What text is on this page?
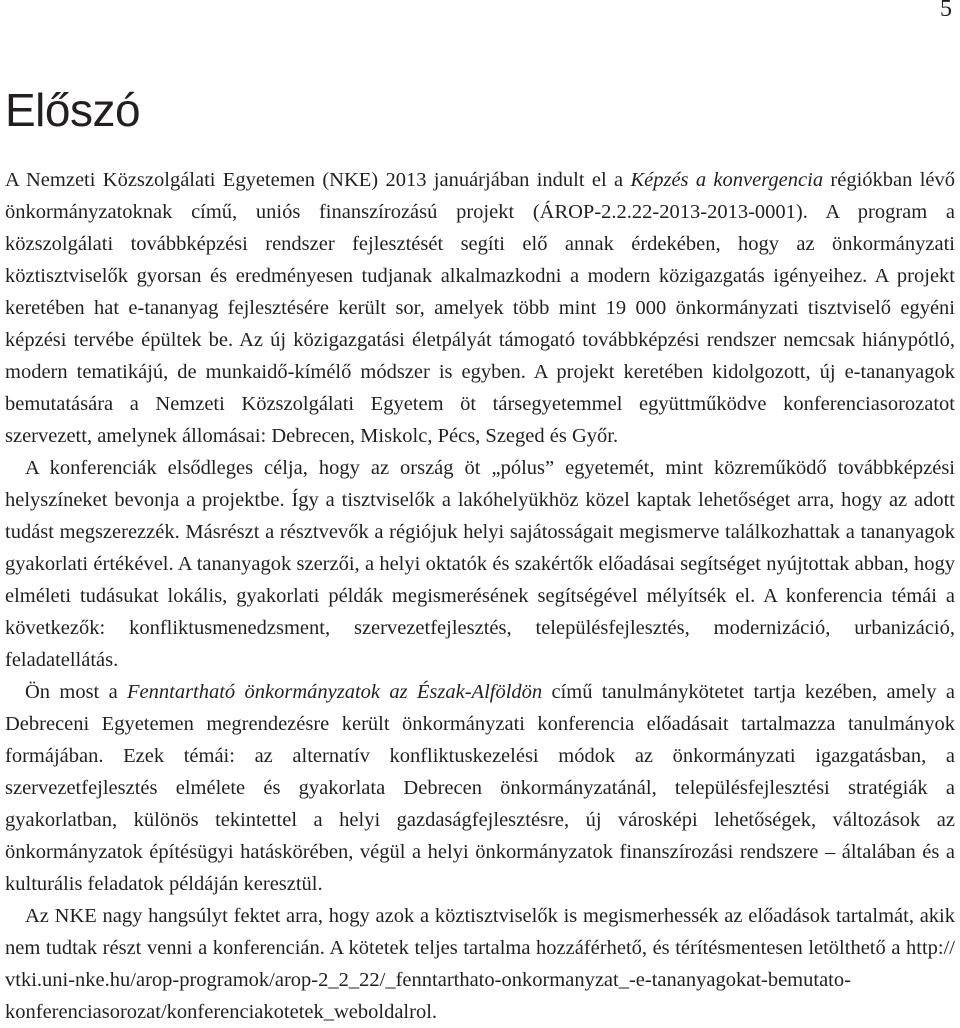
5
Előszó

A Nemzeti Közszolgálati Egyetemen (NKE) 2013 januárjában indult el a Képzés a konvergencia régiókban lévő önkormányzatoknak című, uniós finanszírozású projekt (ÁROP-2.2.22-2013-2013-0001). A program a közszolgálati továbbképzési rendszer fejlesztését segíti elő annak érdekében, hogy az önkormányzati köztisztviselők gyorsan és eredményesen tudjanak alkalmazkodni a modern közigazgatás igényeihez. A projekt keretében hat e-tananyag fejlesztésére került sor, amelyek több mint 19 000 önkormányzati tisztviselő egyéni képzési tervébe épültek be. Az új közigazgatási életpályát támogató továbbképzési rendszer nemcsak hiánypótló, modern tematikájú, de munkaidő-kímélő módszer is egyben. A projekt keretében kidolgozott, új e-tananyagok bemutatására a Nemzeti Közszolgálati Egyetem öt társegyetemmel együttműködve konferenciasorozatot szervezett, amelynek állomásai: Debrecen, Miskolc, Pécs, Szeged és Győr.

A konferenciák elsődleges célja, hogy az ország öt „pólus” egyetemét, mint közreműködő továbbképzési helyszíneket bevonja a projektbe. Így a tisztviselők a lakóhelyükhöz közel kaptak lehetőséget arra, hogy az adott tudást megszerezzék. Másrészt a résztvevők a régiójuk helyi sajátosságait megismerve találkozhattak a tananyagok gyakorlati értékével. A tananyagok szerzői, a helyi oktatók és szakértők előadásai segítséget nyújtottak abban, hogy elméleti tudásukat lokális, gyakorlati példák megismerésének segítségével mélyítsék el. A konferencia témái a következők: konfliktusmenedzsment, szervezetfejlesztés, településfejlesztés, modernizáció, urbanizáció, feladatellátás.

Ön most a Fenntartható önkormányzatok az Észak-Alföldön című tanulmánykötetet tartja kezében, amely a Debreceni Egyetemen megrendezésre került önkormányzati konferencia előadásait tartalmazza tanulmányok formájában. Ezek témái: az alternatív konfliktuskezelési módok az önkormányzati igazgatásban, a szervezetfejlesztés elmélete és gyakorlata Debrecen önkormányzatánál, településfejlesztési stratégiák a gyakorlatban, különös tekintettel a helyi gazdaságfejlesztésre, új városképi lehetőségek, változások az önkormányzatok építésügyi hatáskörében, végül a helyi önkormányzatok finanszírozási rendszere – általában és a kulturális feladatok példáján keresztül.

Az NKE nagy hangsúlyt fektet arra, hogy azok a köztisztviselők is megismerhessék az előadások tartalmát, akik nem tudtak részt venni a konferencián. A kötetek teljes tartalma hozzáférhető, és térítésmentesen letölthető a http://vtki.uni-nke.hu/arop-programok/arop-2_2_22/_fenntarthato-onkormanyzat_-e-tananyagokat-bemutato-konferenciasorozat/konferenciakotetek_weboldalrol.
